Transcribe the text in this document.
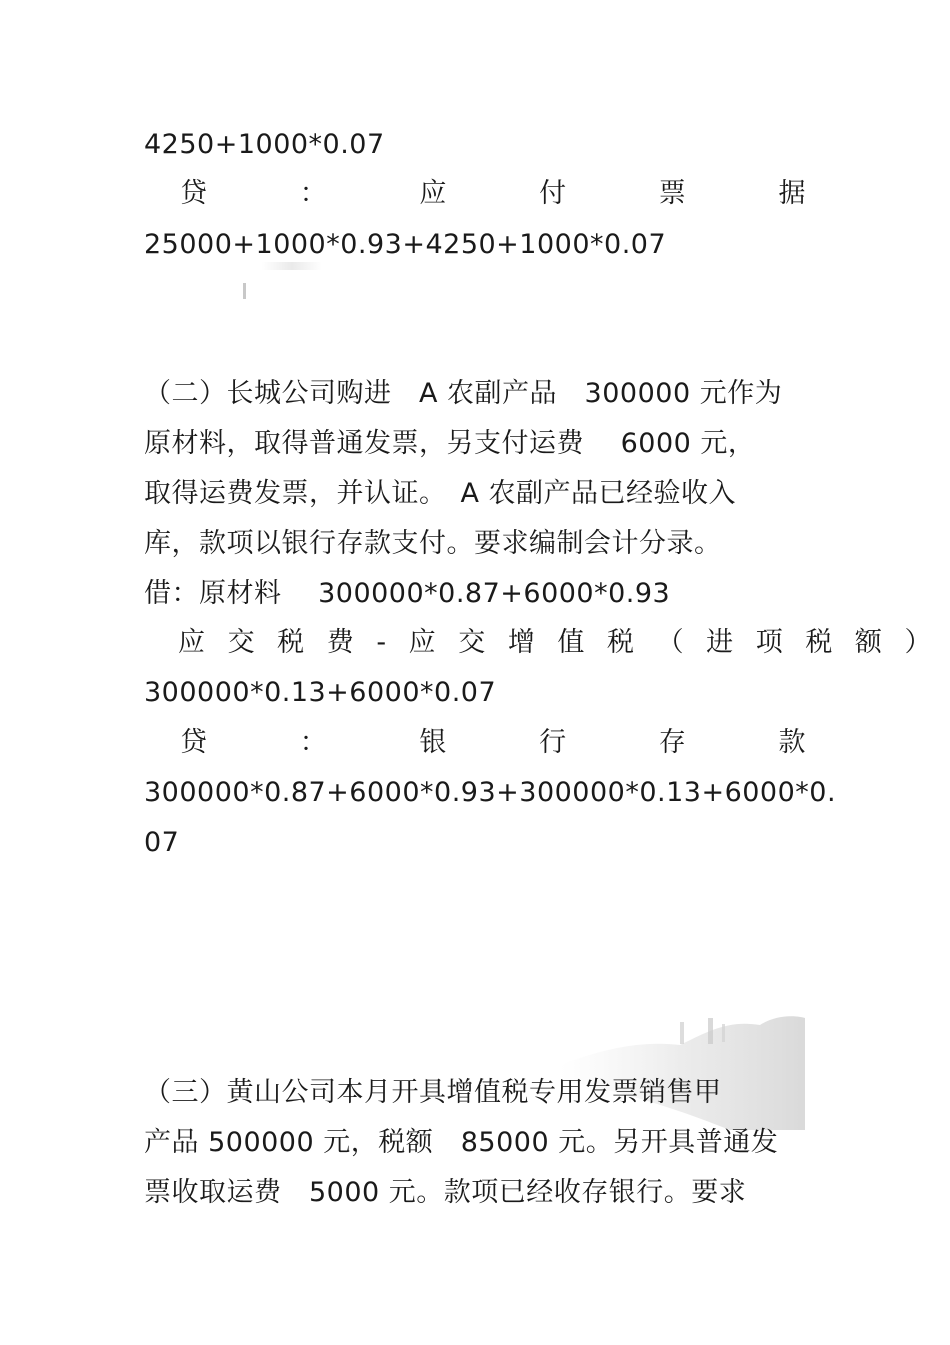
4250+1000*0.07
贷	：	应	付	票	据
25000+1000*0.93+4250+1000*0.07
（二）长城公司购进　A 农副产品　300000 元作为
原材料，取得普通发票，另支付运费　 6000 元，
取得运费发票，并认证。　A 农副产品已经验收入
库，款项以银行存款支付。要求编制会计分录。
借：原材料　 300000*0.87+6000*0.93
应 交 税 费 - 应 交 增 值 税 （ 进 项 税 额 ）
300000*0.13+6000*0.07
贷	：	银	行	存	款
300000*0.87+6000*0.93+300000*0.13+6000*0.
07
（三）黄山公司本月开具增值税专用发票销售甲
产品 500000 元，税额　85000 元。另开具普通发
票收取运费　5000 元。款项已经收存银行。要求
